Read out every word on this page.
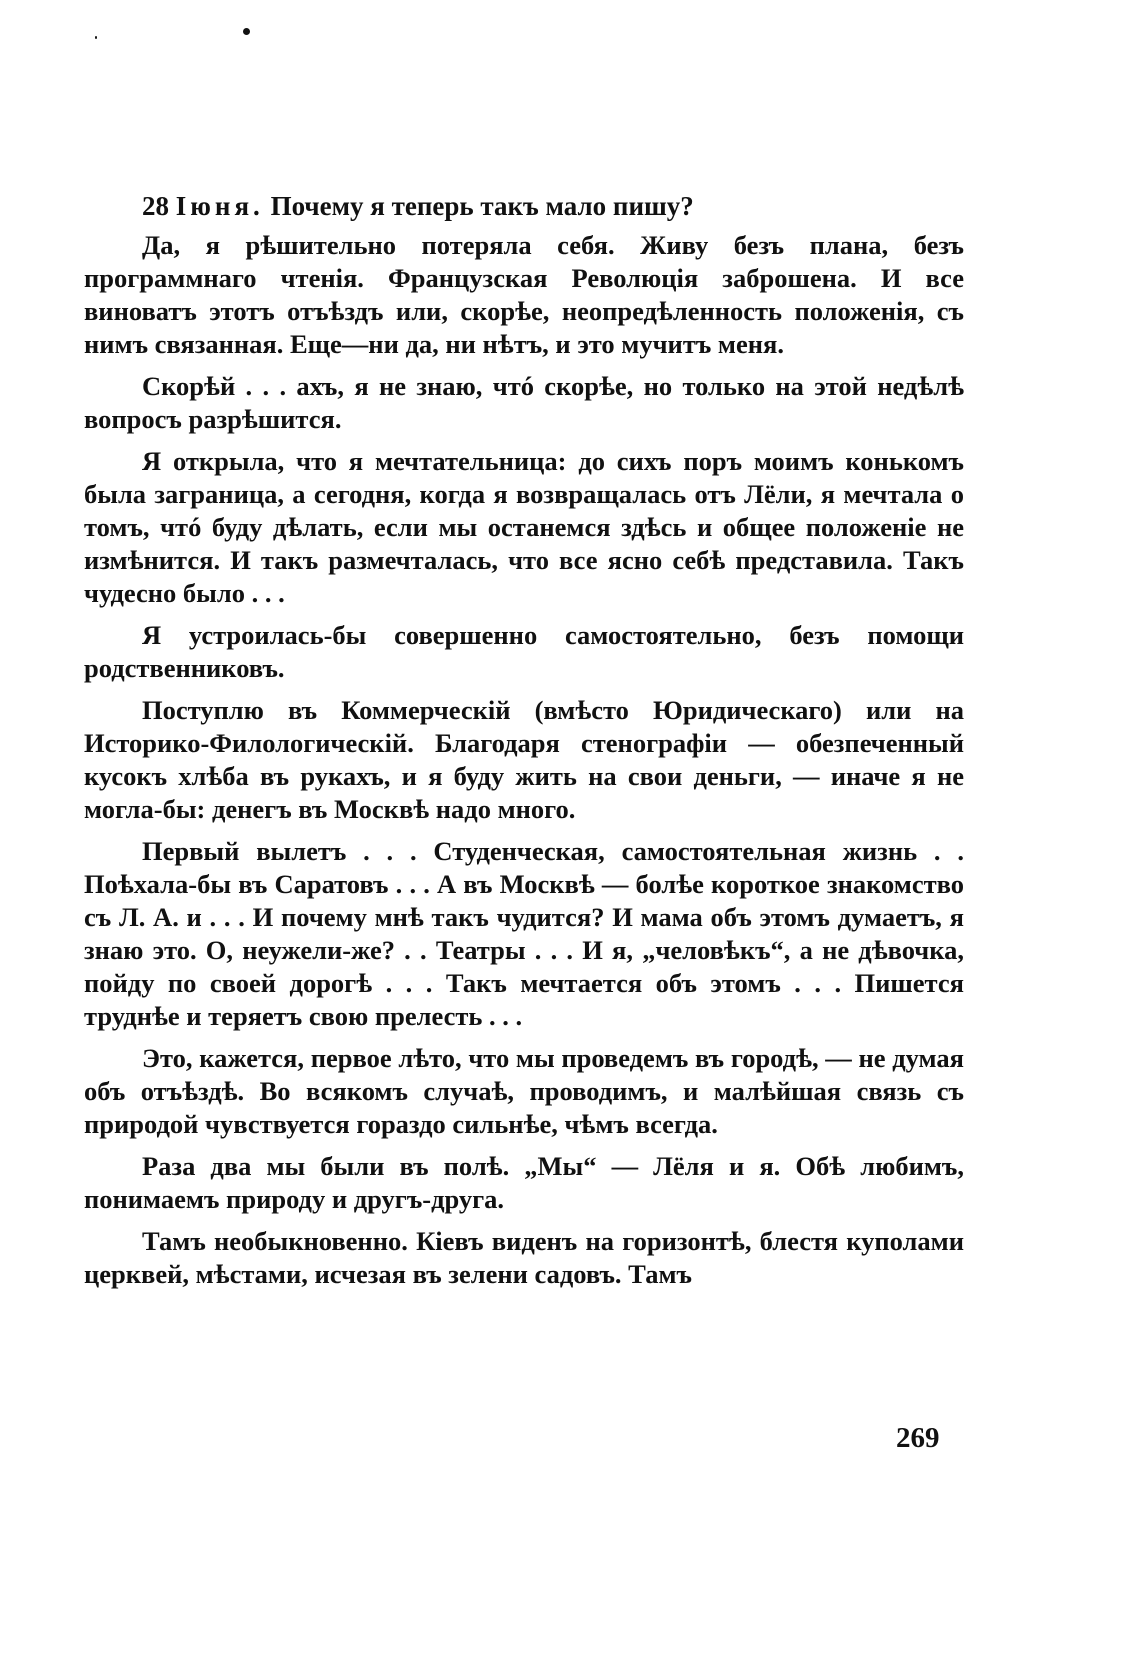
28 Iюня. Почему я теперь такъ мало пишу?

Да, я рѣшительно потеряла себя. Живу безъ плана, безъ программнаго чтенія. Французская Революція заброшена. И все виноватъ этотъ отъѣздъ или, скорѣе, неопредѣленность положенія, съ нимъ связанная. Еще—ни да, ни нѣтъ, и это мучитъ меня.

Скорѣй . . . ахъ, я не знаю, чтó скорѣе, но только на этой недѣлѣ вопросъ разрѣшится.

Я открыла, что я мечтательница: до сихъ поръ моимъ конькомъ была заграница, а сегодня, когда я возвращалась отъ Лёли, я мечтала о томъ, чтó буду дѣлать, если мы останемся здѣсь и общее положеніе не измѣнится. И такъ размечталась, что все ясно себѣ представила. Такъ чудесно было . . .

Я устроилась-бы совершенно самостоятельно, безъ помощи родственниковъ.

Поступлю въ Коммерческій (вмѣсто Юридическаго) или на Историко-Филологическій. Благодаря стенографіи — обезпеченный кусокъ хлѣба въ рукахъ, и я буду жить на свои деньги, — иначе я не могла-бы: денегъ въ Москвѣ надо много.

Первый вылетъ . . . Студенческая, самостоятельная жизнь . . Поѣхала-бы въ Саратовъ . . . А въ Москвѣ — болѣе короткое знакомство съ Л. А. и . . . И почему мнѣ такъ чудится? И мама объ этомъ думаетъ, я знаю это. О, неужели-же? . . Театры . . . И я, „человѣкъ“, а не дѣвочка, пойду по своей дорогѣ . . . Такъ мечтается объ этомъ . . . Пишется труднѣе и теряетъ свою прелесть . . .

Это, кажется, первое лѣто, что мы проведемъ въ городѣ, — не думая объ отъѣздѣ. Во всякомъ случаѣ, проводимъ, и малѣйшая связь съ природой чувствуется гораздо сильнѣе, чѣмъ всегда.

Раза два мы были въ полѣ. „Мы“ — Лёля и я. Обѣ любимъ, понимаемъ природу и другъ-друга.

Тамъ необыкновенно. Кіевъ виденъ на горизонтѣ, блестя куполами церквей, мѣстами, исчезая въ зелени садовъ. Тамъ

269
